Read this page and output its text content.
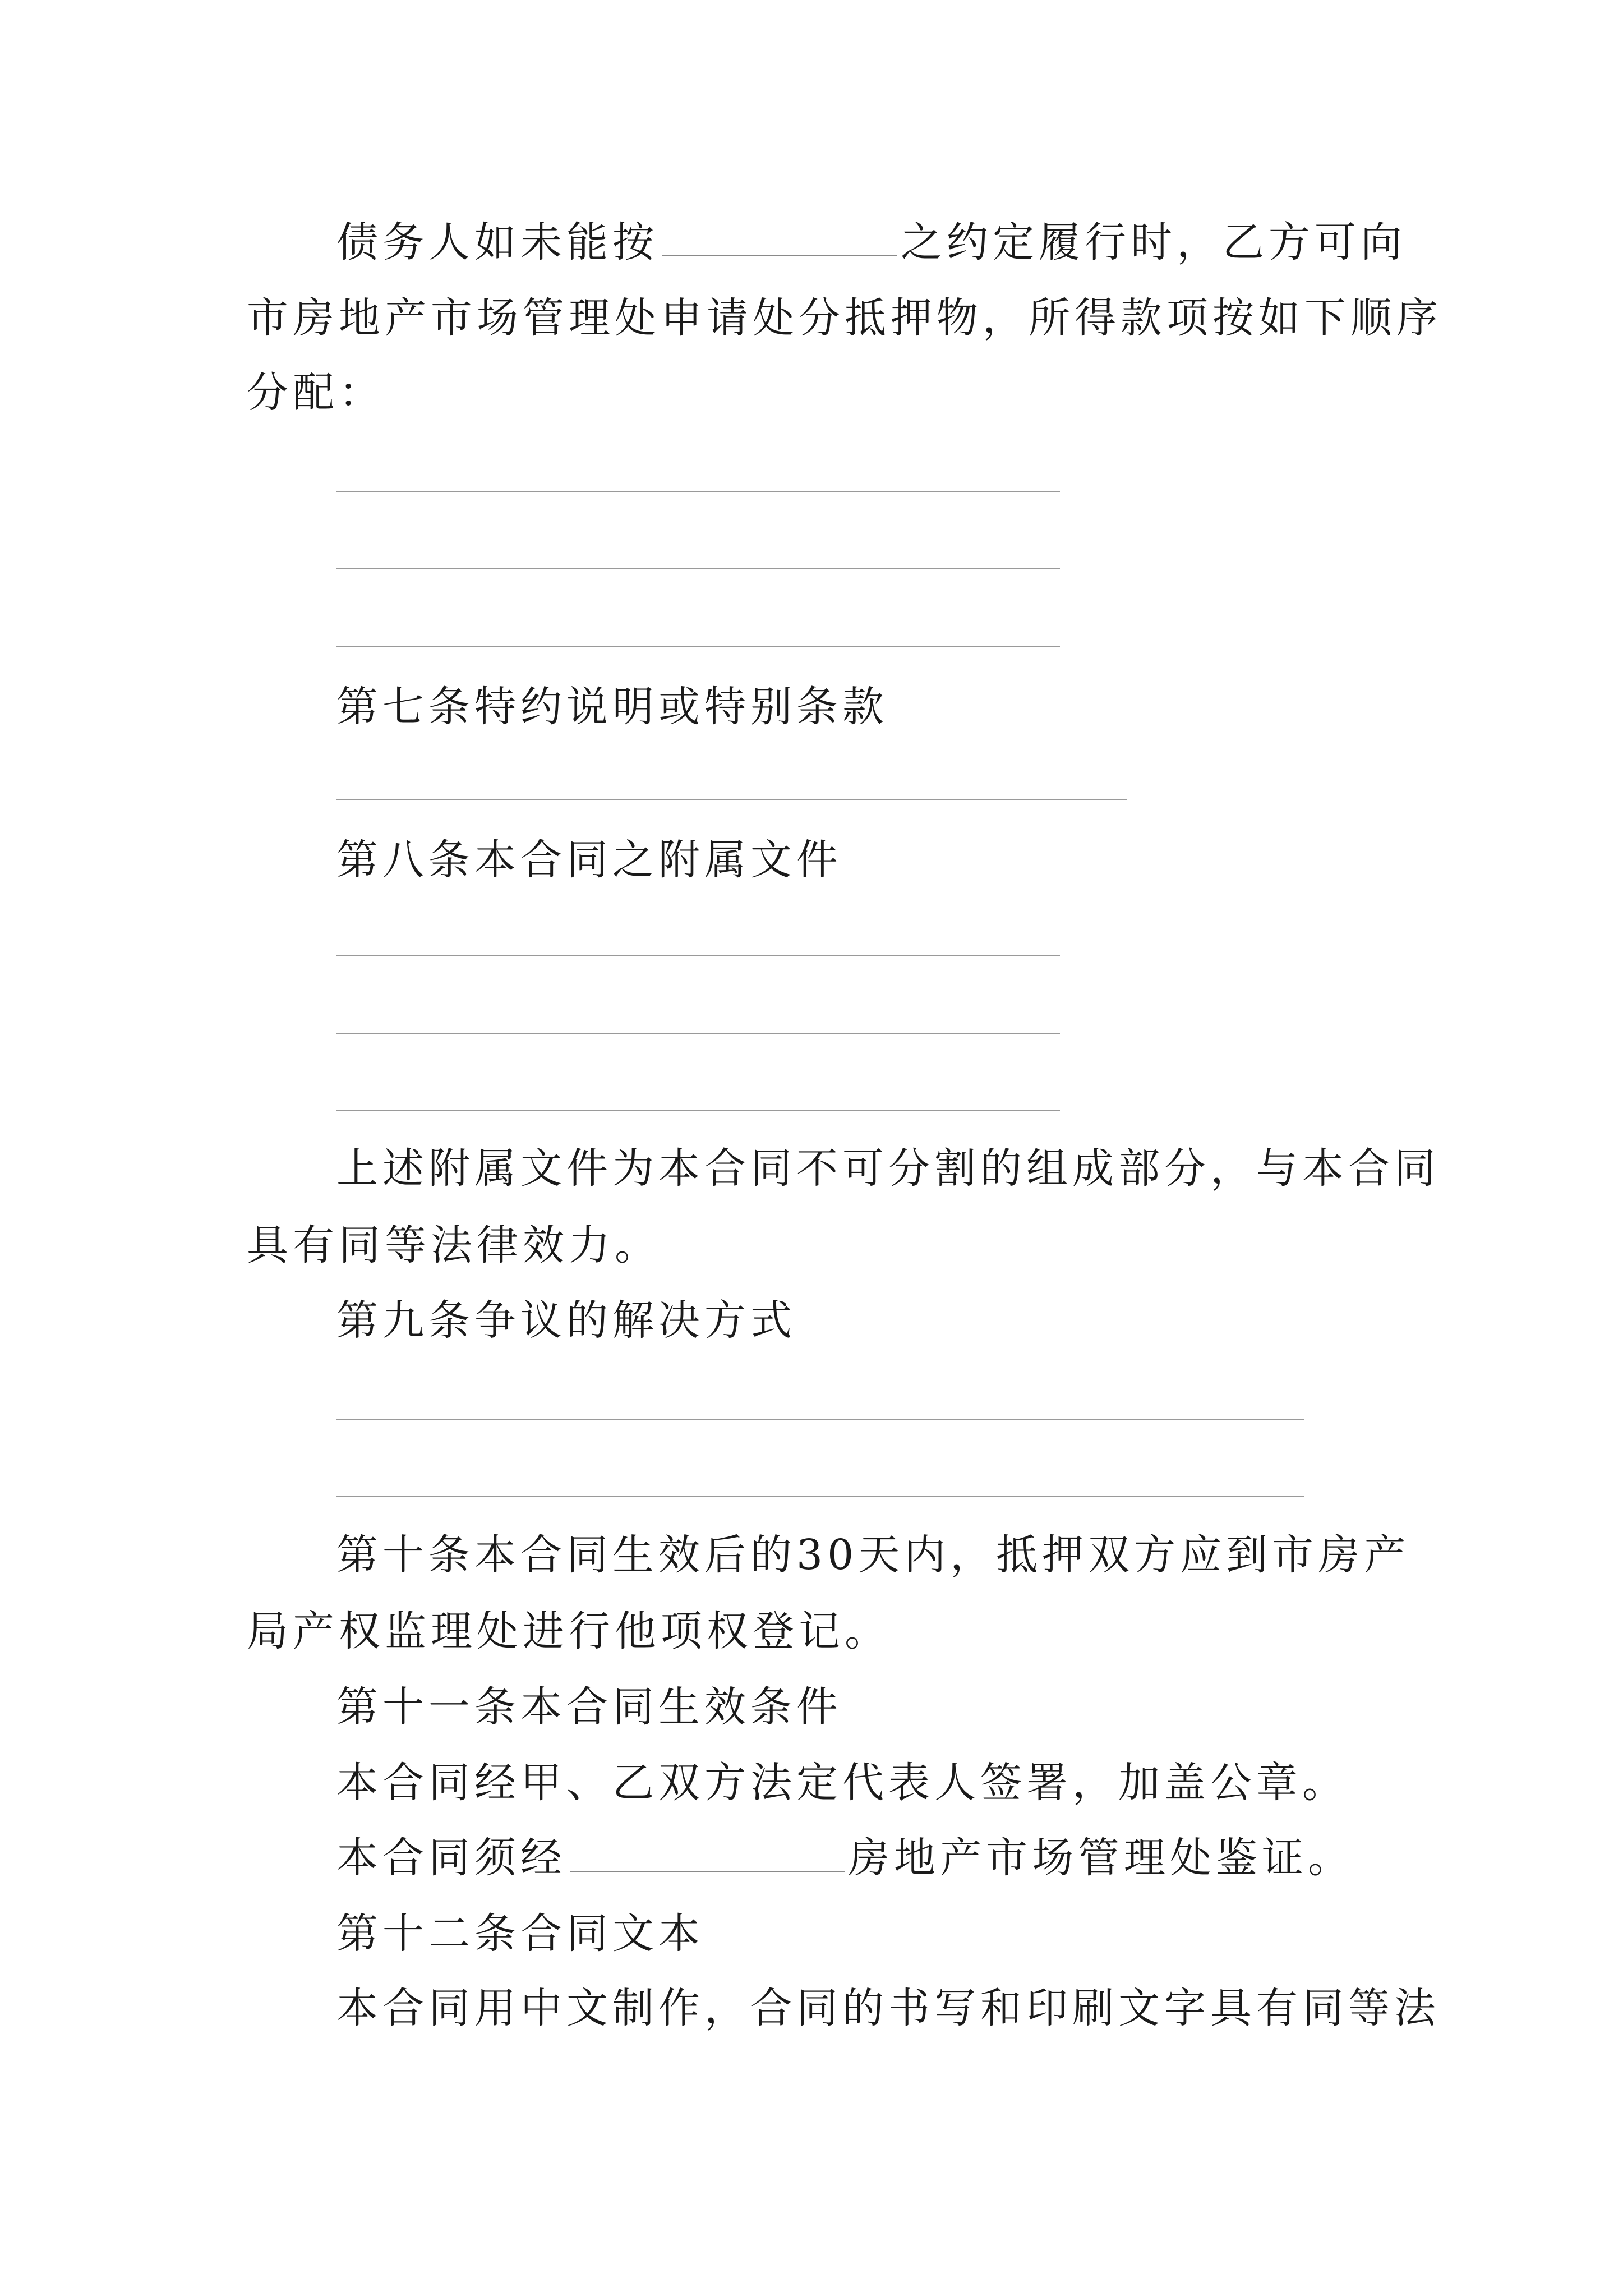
债务人如未能按	之约定履行时，乙方可向
市房地产市场管理处申请处分抵押物，所得款项按如下顺序
分配：
第七条特约说明或特别条款
第八条本合同之附属文件
上述附属文件为本合同不可分割的组成部分，与本合同
具有同等法律效力。
第九条争议的解决方式
第十条本合同生效后的30天内，抵押双方应到市房产
局产权监理处进行他项权登记。
第十一条本合同生效条件
本合同经甲、乙双方法定代表人签署，加盖公章。
本合同须经	房地产市场管理处鉴证。
第十二条合同文本
本合同用中文制作，合同的书写和印刷文字具有同等法
